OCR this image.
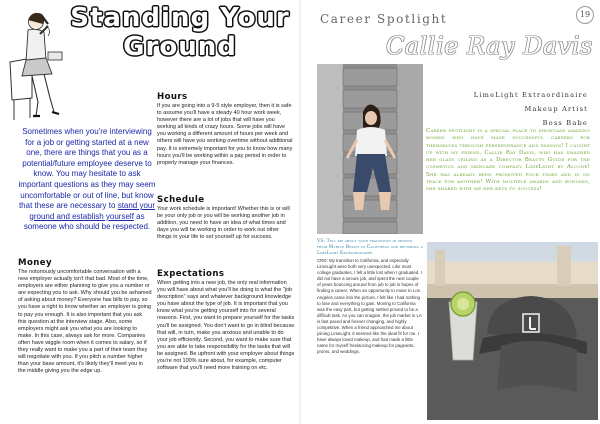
Standing Your
Ground
Sometimes when you're interviewing for a job or getting started at a new one, there are things that you as a potential/future employee deserve to know. You may hesitate to ask important questions as they may seem uncomfortable or out of line, but know that these are necessary to stand your ground and establish yourself as someone who should be respected.
Money
The notoriously uncomfortable conversation with a new employer actually isn't that bad. Most of the time, employers are either planning to give you a number or are expecting you to ask. Why should you be ashamed of asking about money? Everyone has bills to pay, so you have a right to know whether an employer is going to pay you enough. It is also important that you ask this question at the interview stage. Also, some employers might ask you what you are looking to make. In this case, always ask for more. Companies often have wiggle room when it comes to salary, so if they really want to make you a part of their team they will negotiate with you. If you pitch a number higher than your base amount, it's likely they'll meet you in the middle giving you the edge up.
Hours
If you are going into a 9-5 style employer, then it is safe to assume you'll have a steady 40 hour work week, however there are a lot of jobs that will have you working all kinds of crazy hours. Some jobs will have you working a different amount of hours per week and others will have you working overtime without additional pay. It is extremely important for you to know how many hours you'll be working within a pay period in order to properly manage your finances.
Schedule
Your work schedule is important! Whether this is or will be your only job or you will be working another job in addition, you need to have an idea of what times and days you will be working in order to work out other things in your life to set yourself up for success.
Expectations
When getting into a new job, the only real information you will have about what you'll be doing is what the "job description" says and whatever background knowledge you have about the type of job. It is important that you know what you're getting yourself into for several reasons. First, you want to prepare yourself for the tasks you'll be assigned. You don't want to go in blind because that will, in turn, make you anxious and unable to do your job efficiently. Second, you want to make sure that you are able to take responsibility for the tasks that will be assigned. Be upfront with your employer about things you're not 100% sure about, for example, computer software that you'll need more training on etc.
Career Spotlight
Callie Ray Davis
19
LimeLight Extraordinaire
Makeup Artist
Boss Babe
Career spotlight is a special place to showcase amazing women who have made successful careers for themselves through perserverance and passion! I caught up with my friend, Callie Ray Davis, who has smashed her glass ceiling as a Director Beauty Guide for the cosmetics and skincare company LimeLight by Alcone! She has already been promoted four times and is on track for another! With multiple awards and bonuses, she shared with me her keys to success!
VS: Tell me about your transition in moving from Myrtle Beach to California and becoming a LimeLight Extraordinaire.
CRD: My transition to California, and especially LimeLight were both very unexpected. Like most college graduates, I felt a little lost when I graduated. I did not have a secure job, and spent the next couple of years bouncing around from job to job in hopes of finding a career. When an opportunity to move to Los Angeles came into the picture, I felt like I had nothing to lose and everything to gain. Moving to California was the easy part, but getting settled proved to be a difficult task. As you can imagine, the job market in LA is fast paced and forever changing, and highly competitive. When a friend approached me about joining LimeLight, it seemed like the ideal fit for me. I have always loved makeup, and had made a little name for myself freelancing makeup for pageants, proms, and weddings.
